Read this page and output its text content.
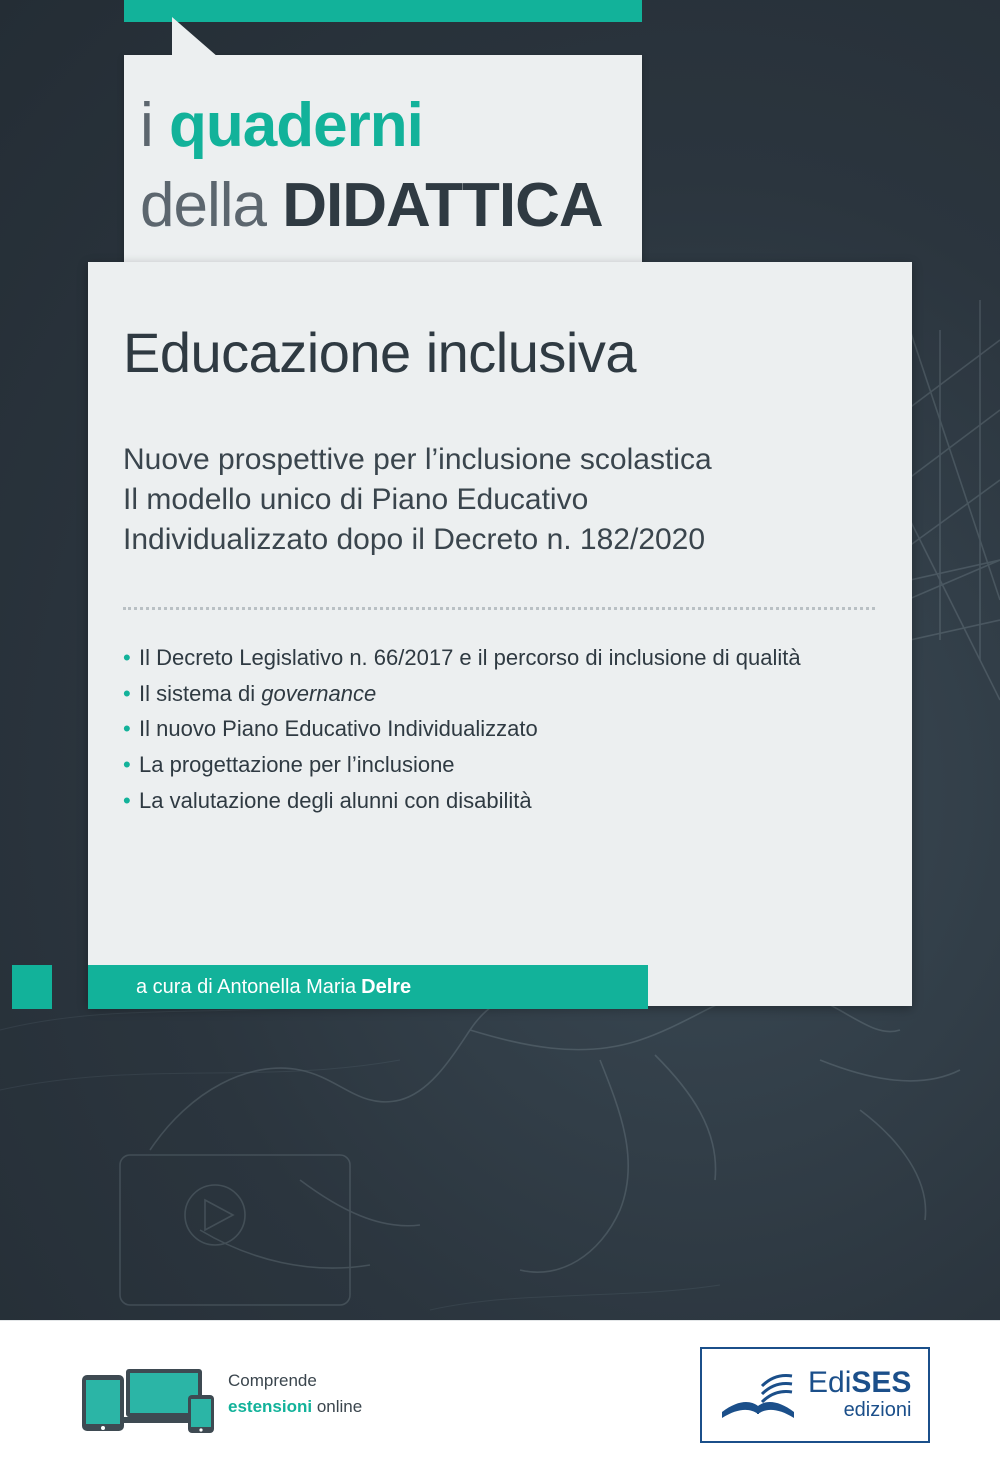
i quaderni
della DIDATTICA
Educazione inclusiva
Nuove prospettive per l’inclusione scolastica
Il modello unico di Piano Educativo
Individualizzato dopo il Decreto n. 182/2020
• Il Decreto Legislativo n. 66/2017 e il percorso di inclusione di qualità
• Il sistema di governance
• Il nuovo Piano Educativo Individualizzato
• La progettazione per l’inclusione
• La valutazione degli alunni con disabilità
a cura di Antonella Maria Delre
Comprende
estensioni online
EdiSES
edizioni
